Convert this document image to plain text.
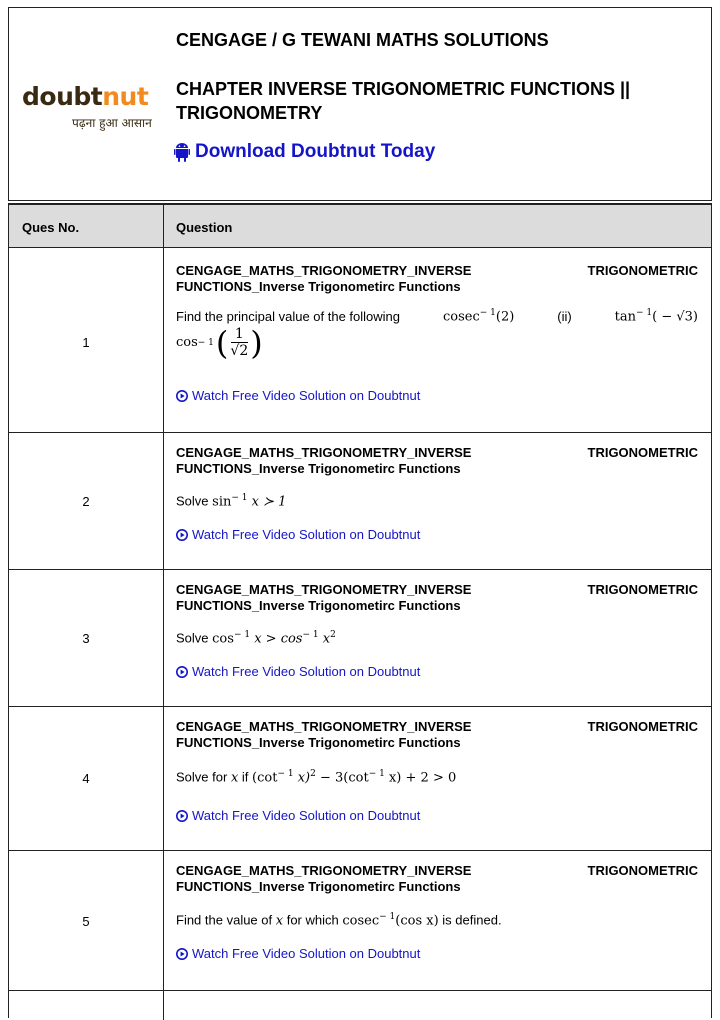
doubtnut
पढ़ना हुआ आसान
CENGAGE / G TEWANI MATHS SOLUTIONS
CHAPTER INVERSE TRIGONOMETRIC FUNCTIONS || TRIGONOMETRY
Download Doubtnut Today
Ques No.	Question
1
CENGAGE_MATHS_TRIGONOMETRY_INVERSE	TRIGONOMETRIC
FUNCTIONS_Inverse Trigonometirc Functions
Find the principal value of the following	cosec$^{- 1}$(2)	(ii)	$\tan^{- 1}( - √3)$
cos − 1 ( $\frac{1}{√2}$ )
Watch Free Video Solution on Doubtnut
2
CENGAGE_MATHS_TRIGONOMETRY_INVERSE	TRIGONOMETRIC
FUNCTIONS_Inverse Trigonometirc Functions
Solve $\sin^{- 1} x$ ≻ 1
Watch Free Video Solution on Doubtnut
3
CENGAGE_MATHS_TRIGONOMETRY_INVERSE	TRIGONOMETRIC
FUNCTIONS_Inverse Trigonometirc Functions
Solve $\cos^{- 1} x > \cos^{- 1} x^2$
Watch Free Video Solution on Doubtnut
4
CENGAGE_MATHS_TRIGONOMETRY_INVERSE	TRIGONOMETRIC
FUNCTIONS_Inverse Trigonometirc Functions
Solve for x if ($\cot^{- 1}$ $x)^2 - 3(\cot^{- 1}$ x) + 2 > 0
Watch Free Video Solution on Doubtnut
5
CENGAGE_MATHS_TRIGONOMETRY_INVERSE	TRIGONOMETRIC
FUNCTIONS_Inverse Trigonometirc Functions
Find the value of x for which cosec$^{- 1}$(cos x) is defined.
Watch Free Video Solution on Doubtnut
